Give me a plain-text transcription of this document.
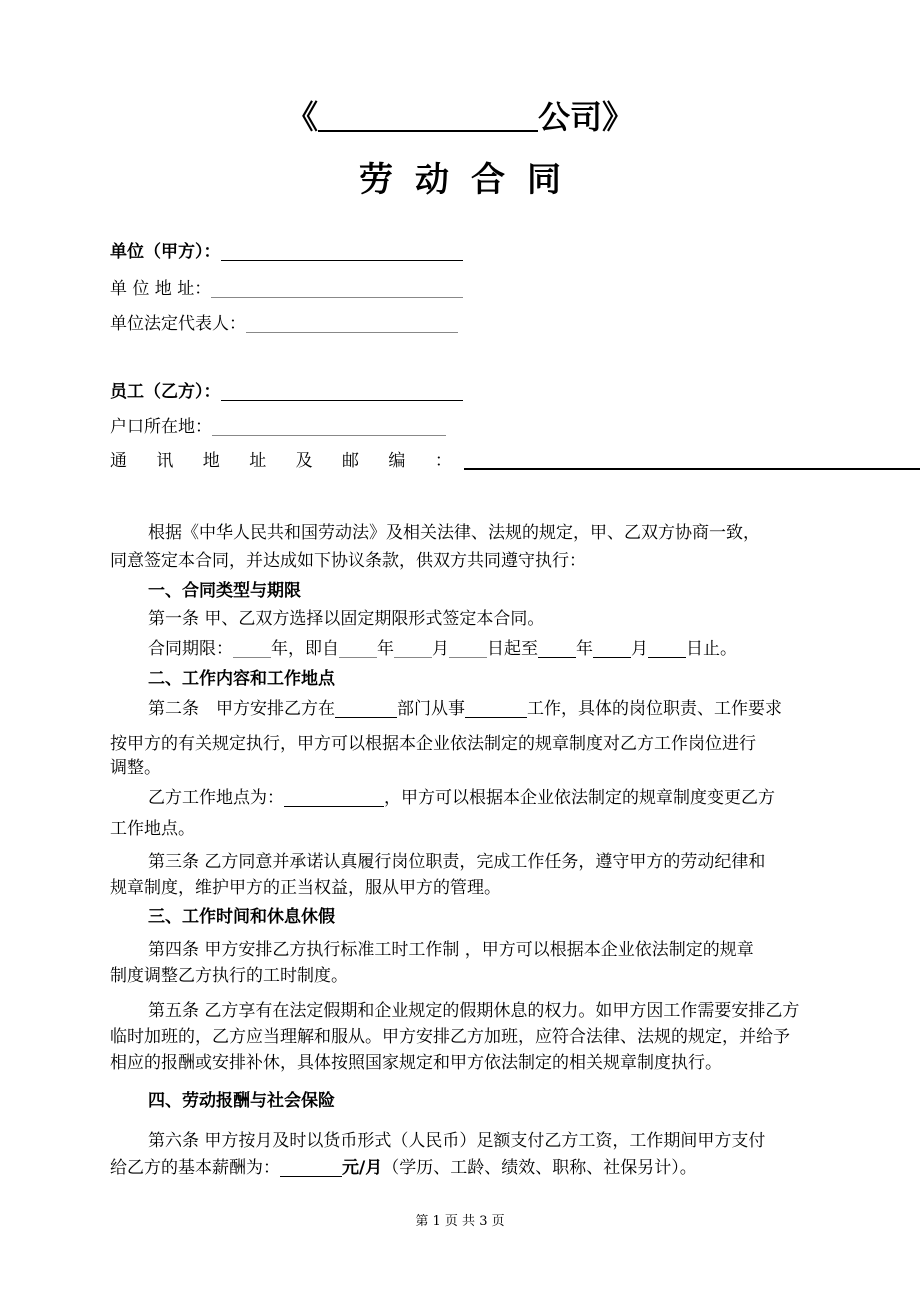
《	公司》
劳动合同
单位（甲方）：
单 位 地 址：
单位法定代表人：
员工（乙方）：
户口所在地：
通 讯 地 址 及 邮 编 ：
根据《中华人民共和国劳动法》及相关法律、法规的规定，甲、乙双方协商一致，
同意签定本合同，并达成如下协议条款，供双方共同遵守执行：
一、合同类型与期限
第一条 甲、乙双方选择以固定期限形式签定本合同。
合同期限： 年，即自 年 月 日起至 年 月 日止。
二、工作内容和工作地点
第二条　甲方安排乙方在	部门从事	工作，具体的岗位职责、工作要求
按甲方的有关规定执行，甲方可以根据本企业依法制定的规章制度对乙方工作岗位进行
调整。
乙方工作地点为：	，甲方可以根据本企业依法制定的规章制度变更乙方
工作地点。
第三条 乙方同意并承诺认真履行岗位职责，完成工作任务，遵守甲方的劳动纪律和
规章制度，维护甲方的正当权益，服从甲方的管理。
三、工作时间和休息休假
第四条 甲方安排乙方执行标准工时工作制 ，甲方可以根据本企业依法制定的规章
制度调整乙方执行的工时制度。
第五条 乙方享有在法定假期和企业规定的假期休息的权力。如甲方因工作需要安排乙方
临时加班的，乙方应当理解和服从。甲方安排乙方加班，应符合法律、法规的规定，并给予
相应的报酬或安排补休，具体按照国家规定和甲方依法制定的相关规章制度执行。
四、劳动报酬与社会保险
第六条 甲方按月及时以货币形式（人民币）足额支付乙方工资，工作期间甲方支付
给乙方的基本薪酬为：	元/月（学历、工龄、绩效、职称、社保另计）。
第 1 页 共 3 页
